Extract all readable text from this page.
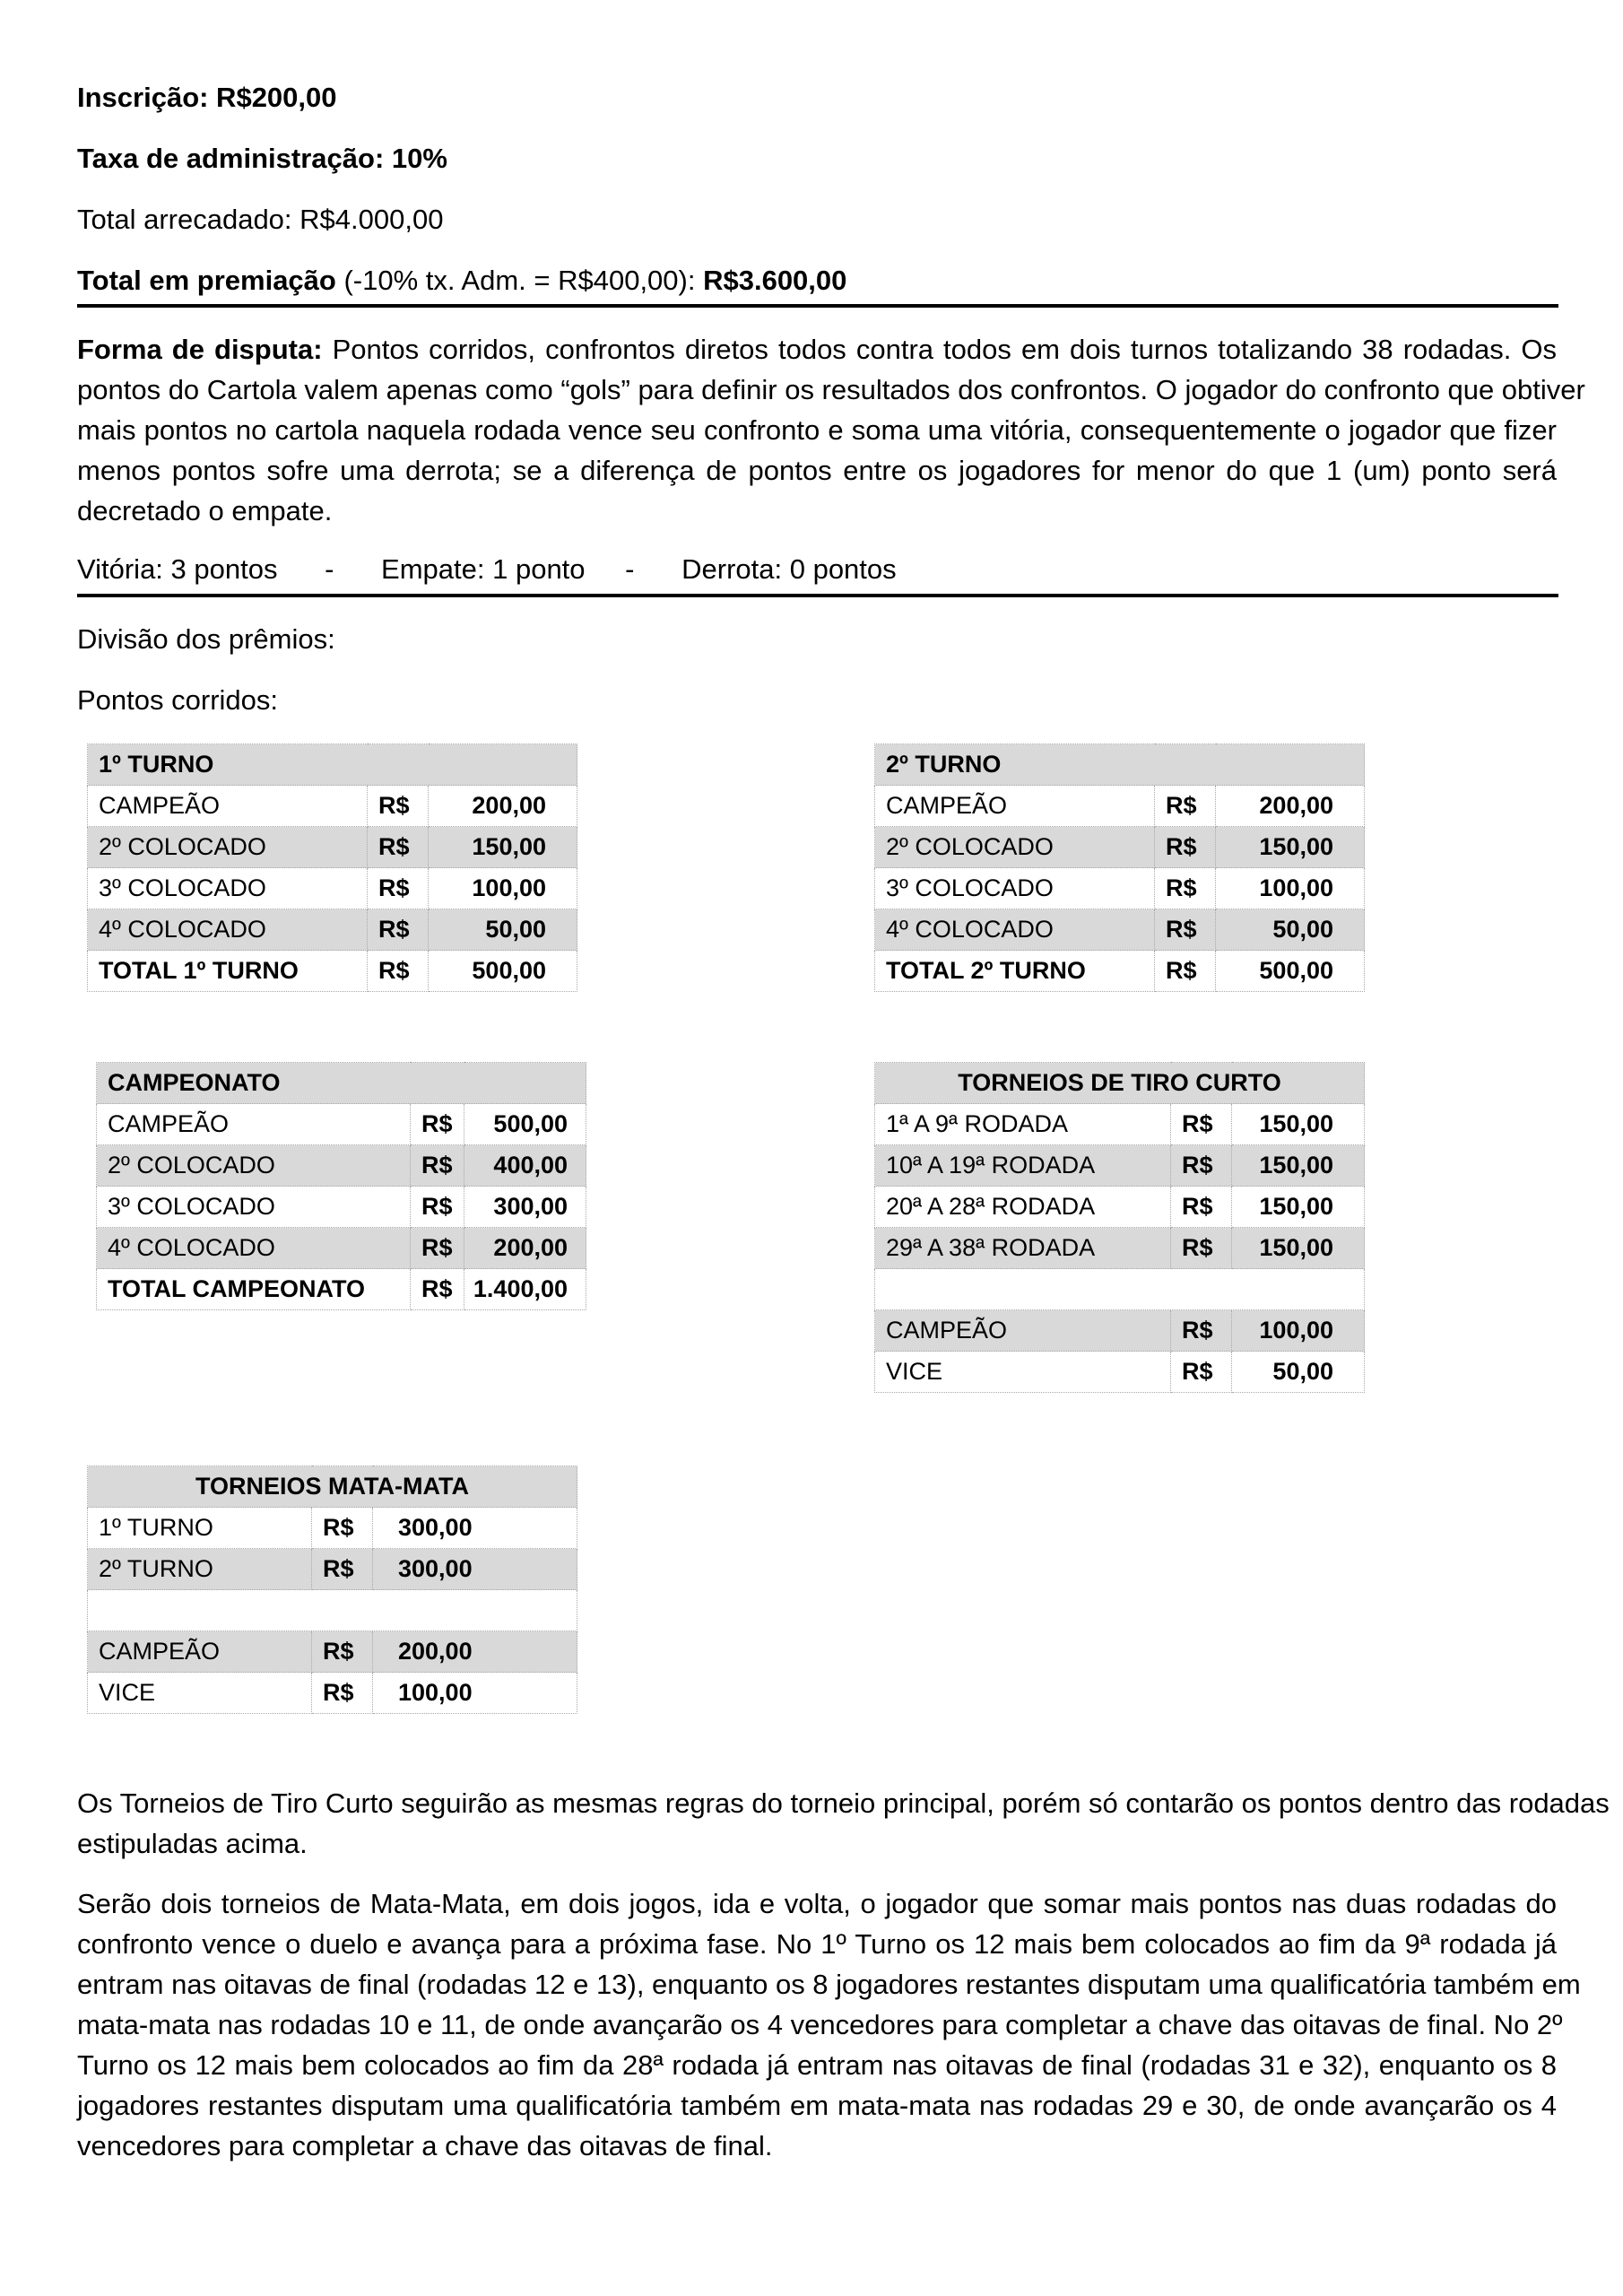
Inscrição: R$200,00
Taxa de administração: 10%
Total arrecadado: R$4.000,00
Total em premiação (-10% tx. Adm. = R$400,00): R$3.600,00
Forma de disputa: Pontos corridos, confrontos diretos todos contra todos em dois turnos totalizando 38 rodadas. Os
pontos do Cartola valem apenas como “gols” para definir os resultados dos confrontos. O jogador do confronto que obtiver
mais pontos no cartola naquela rodada vence seu confronto e soma uma vitória, consequentemente o jogador que fizer
menos pontos sofre uma derrota; se a diferença de pontos entre os jogadores for menor do que 1 (um) ponto será
decretado o empate.
Vitória: 3 pontos - Empate: 1 ponto - Derrota: 0 pontos
Divisão dos prêmios:
Pontos corridos:
1º TURNO		
CAMPEÃO	R$	200,00
2º COLOCADO	R$	150,00
3º COLOCADO	R$	100,00
4º COLOCADO	R$	50,00
TOTAL 1º TURNO	R$	500,00
2º TURNO		
CAMPEÃO	R$	200,00
2º COLOCADO	R$	150,00
3º COLOCADO	R$	100,00
4º COLOCADO	R$	50,00
TOTAL 2º TURNO	R$	500,00
CAMPEONATO		
CAMPEÃO	R$	500,00
2º COLOCADO	R$	400,00
3º COLOCADO	R$	300,00
4º COLOCADO	R$	200,00
TOTAL CAMPEONATO	R$	1.400,00
TORNEIOS DE TIRO CURTO		
1ª A 9ª RODADA	R$	150,00
10ª A 19ª RODADA	R$	150,00
20ª A 28ª RODADA	R$	150,00
29ª A 38ª RODADA	R$	150,00

CAMPEÃO	R$	100,00
VICE	R$	50,00
TORNEIOS MATA-MATA		
1º TURNO	R$	300,00
2º TURNO	R$	300,00

CAMPEÃO	R$	200,00
VICE	R$	100,00
Os Torneios de Tiro Curto seguirão as mesmas regras do torneio principal, porém só contarão os pontos dentro das rodadas
estipuladas acima.
Serão dois torneios de Mata-Mata, em dois jogos, ida e volta, o jogador que somar mais pontos nas duas rodadas do
confronto vence o duelo e avança para a próxima fase. No 1º Turno os 12 mais bem colocados ao fim da 9ª rodada já
entram nas oitavas de final (rodadas 12 e 13), enquanto os 8 jogadores restantes disputam uma qualificatória também em
mata-mata nas rodadas 10 e 11, de onde avançarão os 4 vencedores para completar a chave das oitavas de final. No 2º
Turno os 12 mais bem colocados ao fim da 28ª rodada já entram nas oitavas de final (rodadas 31 e 32), enquanto os 8
jogadores restantes disputam uma qualificatória também em mata-mata nas rodadas 29 e 30, de onde avançarão os 4
vencedores para completar a chave das oitavas de final.
